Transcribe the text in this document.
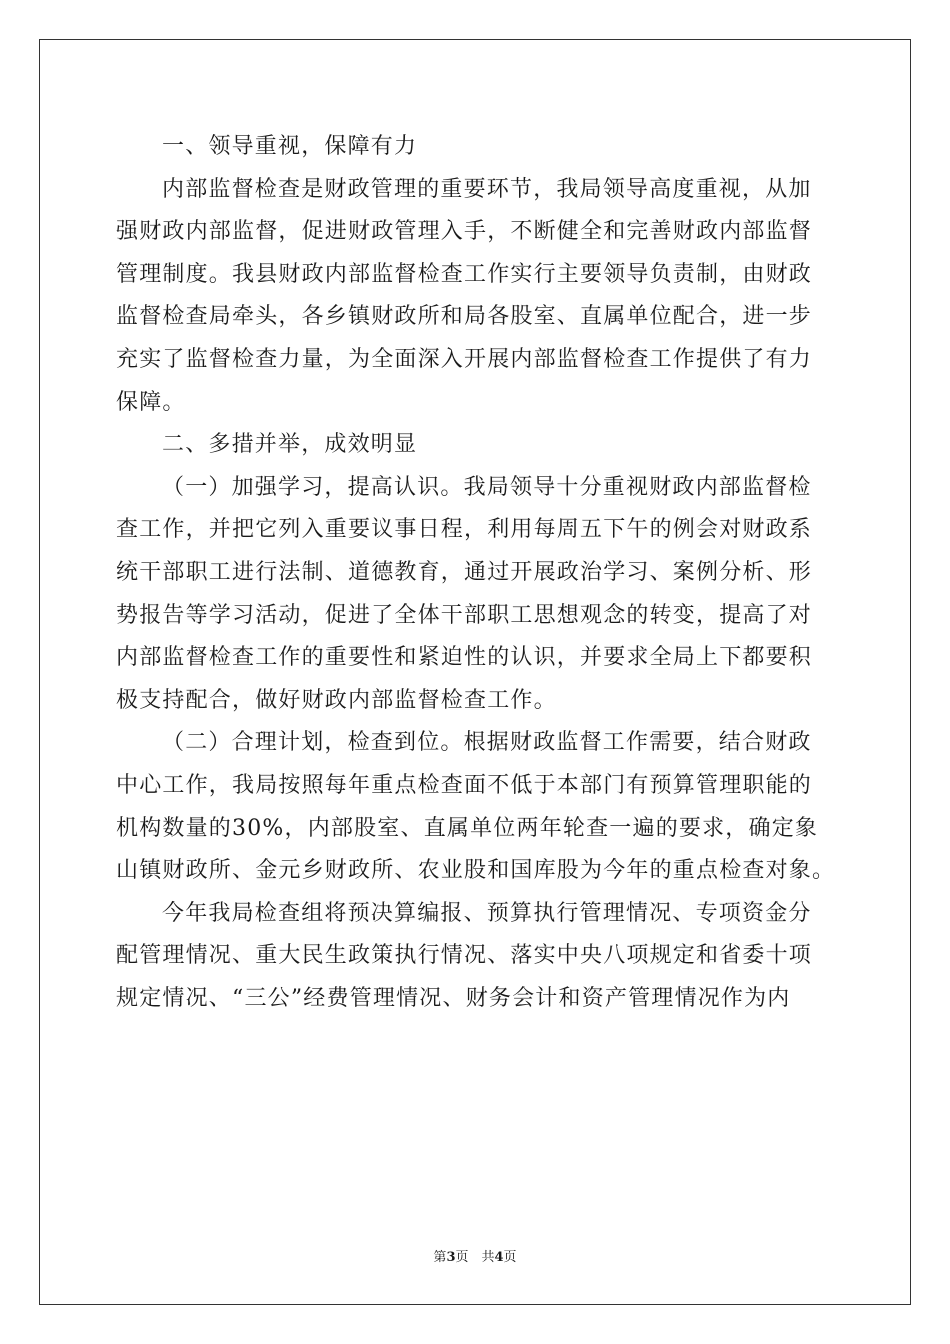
一、领导重视，保障有力
内部监督检查是财政管理的重要环节，我局领导高度重视，从加
强财政内部监督，促进财政管理入手，不断健全和完善财政内部监督
管理制度。我县财政内部监督检查工作实行主要领导负责制，由财政
监督检查局牵头，各乡镇财政所和局各股室、直属单位配合，进一步
充实了监督检查力量，为全面深入开展内部监督检查工作提供了有力
保障。
二、多措并举，成效明显
（一）加强学习，提高认识。我局领导十分重视财政内部监督检
查工作，并把它列入重要议事日程，利用每周五下午的例会对财政系
统干部职工进行法制、道德教育，通过开展政治学习、案例分析、形
势报告等学习活动，促进了全体干部职工思想观念的转变，提高了对
内部监督检查工作的重要性和紧迫性的认识，并要求全局上下都要积
极支持配合，做好财政内部监督检查工作。
（二）合理计划，检查到位。根据财政监督工作需要，结合财政
中心工作，我局按照每年重点检查面不低于本部门有预算管理职能的
机构数量的30%，内部股室、直属单位两年轮查一遍的要求，确定象
山镇财政所、金元乡财政所、农业股和国库股为今年的重点检查对象。
今年我局检查组将预决算编报、预算执行管理情况、专项资金分
配管理情况、重大民生政策执行情况、落实中央八项规定和省委十项
规定情况、“三公”经费管理情况、财务会计和资产管理情况作为内
第3页　共4页
